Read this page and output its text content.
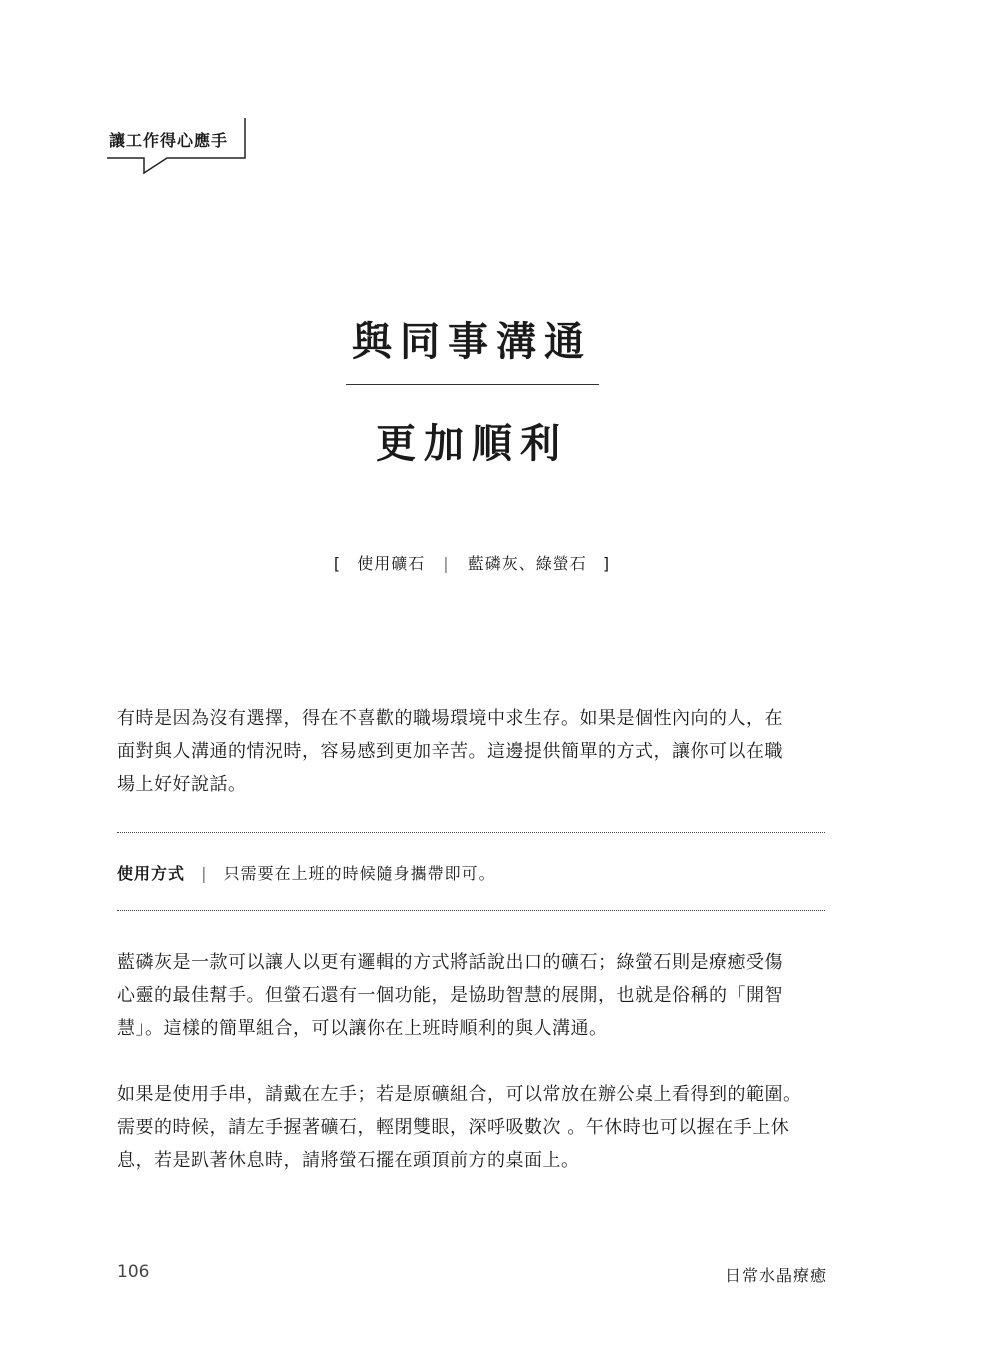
讓工作得心應手
與同事溝通
更加順利
[ 使用礦石 | 藍磷灰、綠螢石 ]

有時是因為沒有選擇，得在不喜歡的職場環境中求生存。如果是個性內向的人，在
面對與人溝通的情況時，容易感到更加辛苦。這邊提供簡單的方式，讓你可以在職
場上好好說話。

使用方式 | 只需要在上班的時候隨身攜帶即可。

藍磷灰是一款可以讓人以更有邏輯的方式將話說出口的礦石；綠螢石則是療癒受傷
心靈的最佳幫手。但螢石還有一個功能，是協助智慧的展開，也就是俗稱的「開智
慧」。這樣的簡單組合，可以讓你在上班時順利的與人溝通。

如果是使用手串，請戴在左手；若是原礦組合，可以常放在辦公桌上看得到的範圍。
需要的時候，請左手握著礦石，輕閉雙眼，深呼吸數次 。午休時也可以握在手上休
息，若是趴著休息時，請將螢石擺在頭頂前方的桌面上。

106	日常水晶療癒
